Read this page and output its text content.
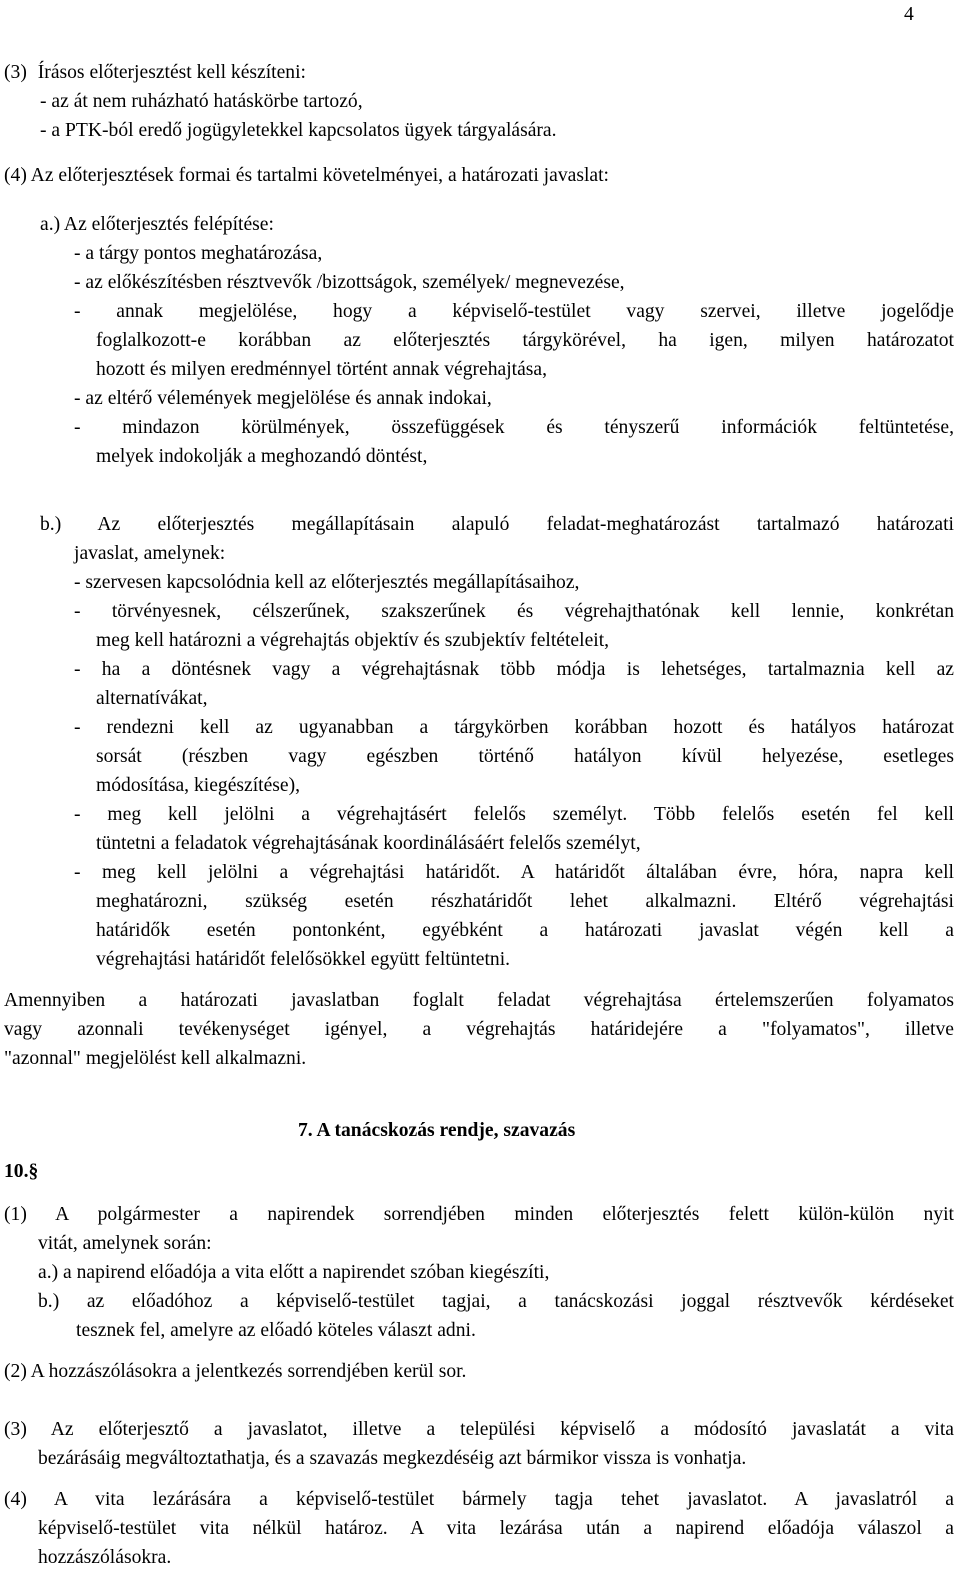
4
(3) Írásos előterjesztést kell készíteni:
- az át nem ruházható hatáskörbe tartozó,
- a PTK-ból eredő jogügyletekkel kapcsolatos ügyek tárgyalására.
(4) Az előterjesztések formai és tartalmi követelményei, a határozati javaslat:
a.) Az előterjesztés felépítése:
- a tárgy pontos meghatározása,
- az előkészítésben résztvevők /bizottságok, személyek/ megnevezése,
- annak megjelölése, hogy a képviselő-testület vagy szervei, illetve jogelődje
foglalkozott-e korábban az előterjesztés tárgykörével, ha igen, milyen határozatot
hozott és milyen eredménnyel történt annak végrehajtása,
- az eltérő vélemények megjelölése és annak indokai,
- mindazon körülmények, összefüggések és tényszerű információk feltüntetése,
melyek indokolják a meghozandó döntést,
b.) Az előterjesztés megállapításain alapuló feladat-meghatározást tartalmazó határozati
javaslat, amelynek:
- szervesen kapcsolódnia kell az előterjesztés megállapításaihoz,
- törvényesnek, célszerűnek, szakszerűnek és végrehajthatónak kell lennie, konkrétan
meg kell határozni a végrehajtás objektív és szubjektív feltételeit,
- ha a döntésnek vagy a végrehajtásnak több módja is lehetséges, tartalmaznia kell az
alternatívákat,
- rendezni kell az ugyanabban a tárgykörben korábban hozott és hatályos határozat
sorsát (részben vagy egészben történő hatályon kívül helyezése, esetleges
módosítása, kiegészítése),
- meg kell jelölni a végrehajtásért felelős személyt. Több felelős esetén fel kell
tüntetni a feladatok végrehajtásának koordinálásáért felelős személyt,
- meg kell jelölni a végrehajtási határidőt. A határidőt általában évre, hóra, napra kell
meghatározni, szükség esetén részhatáridőt lehet alkalmazni. Eltérő végrehajtási
határidők esetén pontonként, egyébként a határozati javaslat végén kell a
végrehajtási határidőt felelősökkel együtt feltüntetni.
Amennyiben a határozati javaslatban foglalt feladat végrehajtása értelemszerűen folyamatos
vagy azonnali tevékenységet igényel, a végrehajtás határidejére a "folyamatos", illetve
"azonnal" megjelölést kell alkalmazni.
7. A tanácskozás rendje, szavazás
10.§
(1) A polgármester a napirendek sorrendjében minden előterjesztés felett külön-külön nyit
vitát, amelynek során:
a.) a napirend előadója a vita előtt a napirendet szóban kiegészíti,
b.) az előadóhoz a képviselő-testület tagjai, a tanácskozási joggal résztvevők kérdéseket
tesznek fel, amelyre az előadó köteles választ adni.
(2) A hozzászólásokra a jelentkezés sorrendjében kerül sor.
(3) Az előterjesztő a javaslatot, illetve a települési képviselő a módosító javaslatát a vita
bezárásáig megváltoztathatja, és a szavazás megkezdéséig azt bármikor vissza is vonhatja.
(4) A vita lezárására a képviselő-testület bármely tagja tehet javaslatot. A javaslatról a
képviselő-testület vita nélkül határoz. A vita lezárása után a napirend előadója válaszol a
hozzászólásokra.
